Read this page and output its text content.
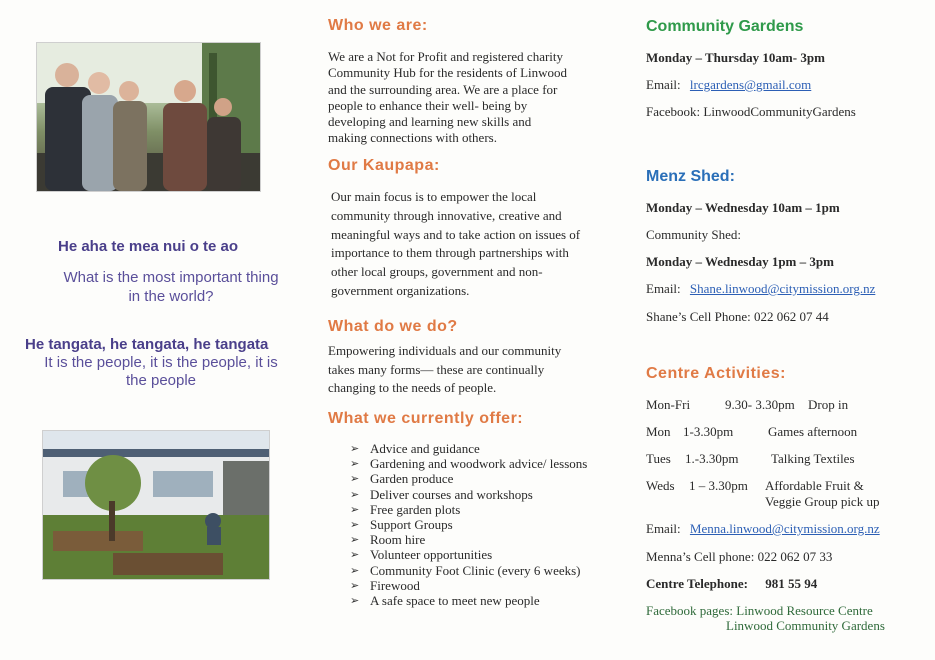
He aha te mea nui o te ao
What is the most important thing
in the world?
He tangata, he tangata, he tangata
It is the people, it is the people, it is
the people
Who we are:
We are a Not for Profit and registered charity
Community Hub for the residents of Linwood
and the surrounding area. We are a place for
people to enhance their well- being by
developing and learning new skills and
making connections with others.
Our Kaupapa:
Our main focus is to empower the local
community through innovative, creative and
meaningful ways and to take action on issues of
importance to them through partnerships with
other local groups, government and non-
government organizations.
What do we do?
Empowering individuals and our community
takes many forms— these are continually
changing to the needs of people.
What we currently offer:
➢ Advice and guidance
➢ Gardening and woodwork advice/ lessons
➢ Garden produce
➢ Deliver courses and workshops
➢ Free garden plots
➢ Support Groups
➢ Room hire
➢ Volunteer opportunities
➢ Community Foot Clinic (every 6 weeks)
➢ Firewood
➢ A safe space to meet new people
Community Gardens
Monday – Thursday 10am- 3pm
Email: lrcgardens@gmail.com
Facebook: LinwoodCommunityGardens
Menz Shed:
Monday – Wednesday 10am – 1pm
Community Shed:
Monday – Wednesday 1pm – 3pm
Email: Shane.linwood@citymission.org.nz
Shane’s Cell Phone: 022 062 07 44
Centre Activities:
Mon-Fri	9.30- 3.30pm Drop in
Mon 1-3.30pm	Games afternoon
Tues 1.-3.30pm	Talking Textiles
Weds 1 – 3.30pm Affordable Fruit &
Veggie Group pick up
Email: Menna.linwood@citymission.org.nz
Menna’s Cell phone: 022 062 07 33
Centre Telephone: 981 55 94
Facebook pages: Linwood Resource Centre
Linwood Community Gardens
